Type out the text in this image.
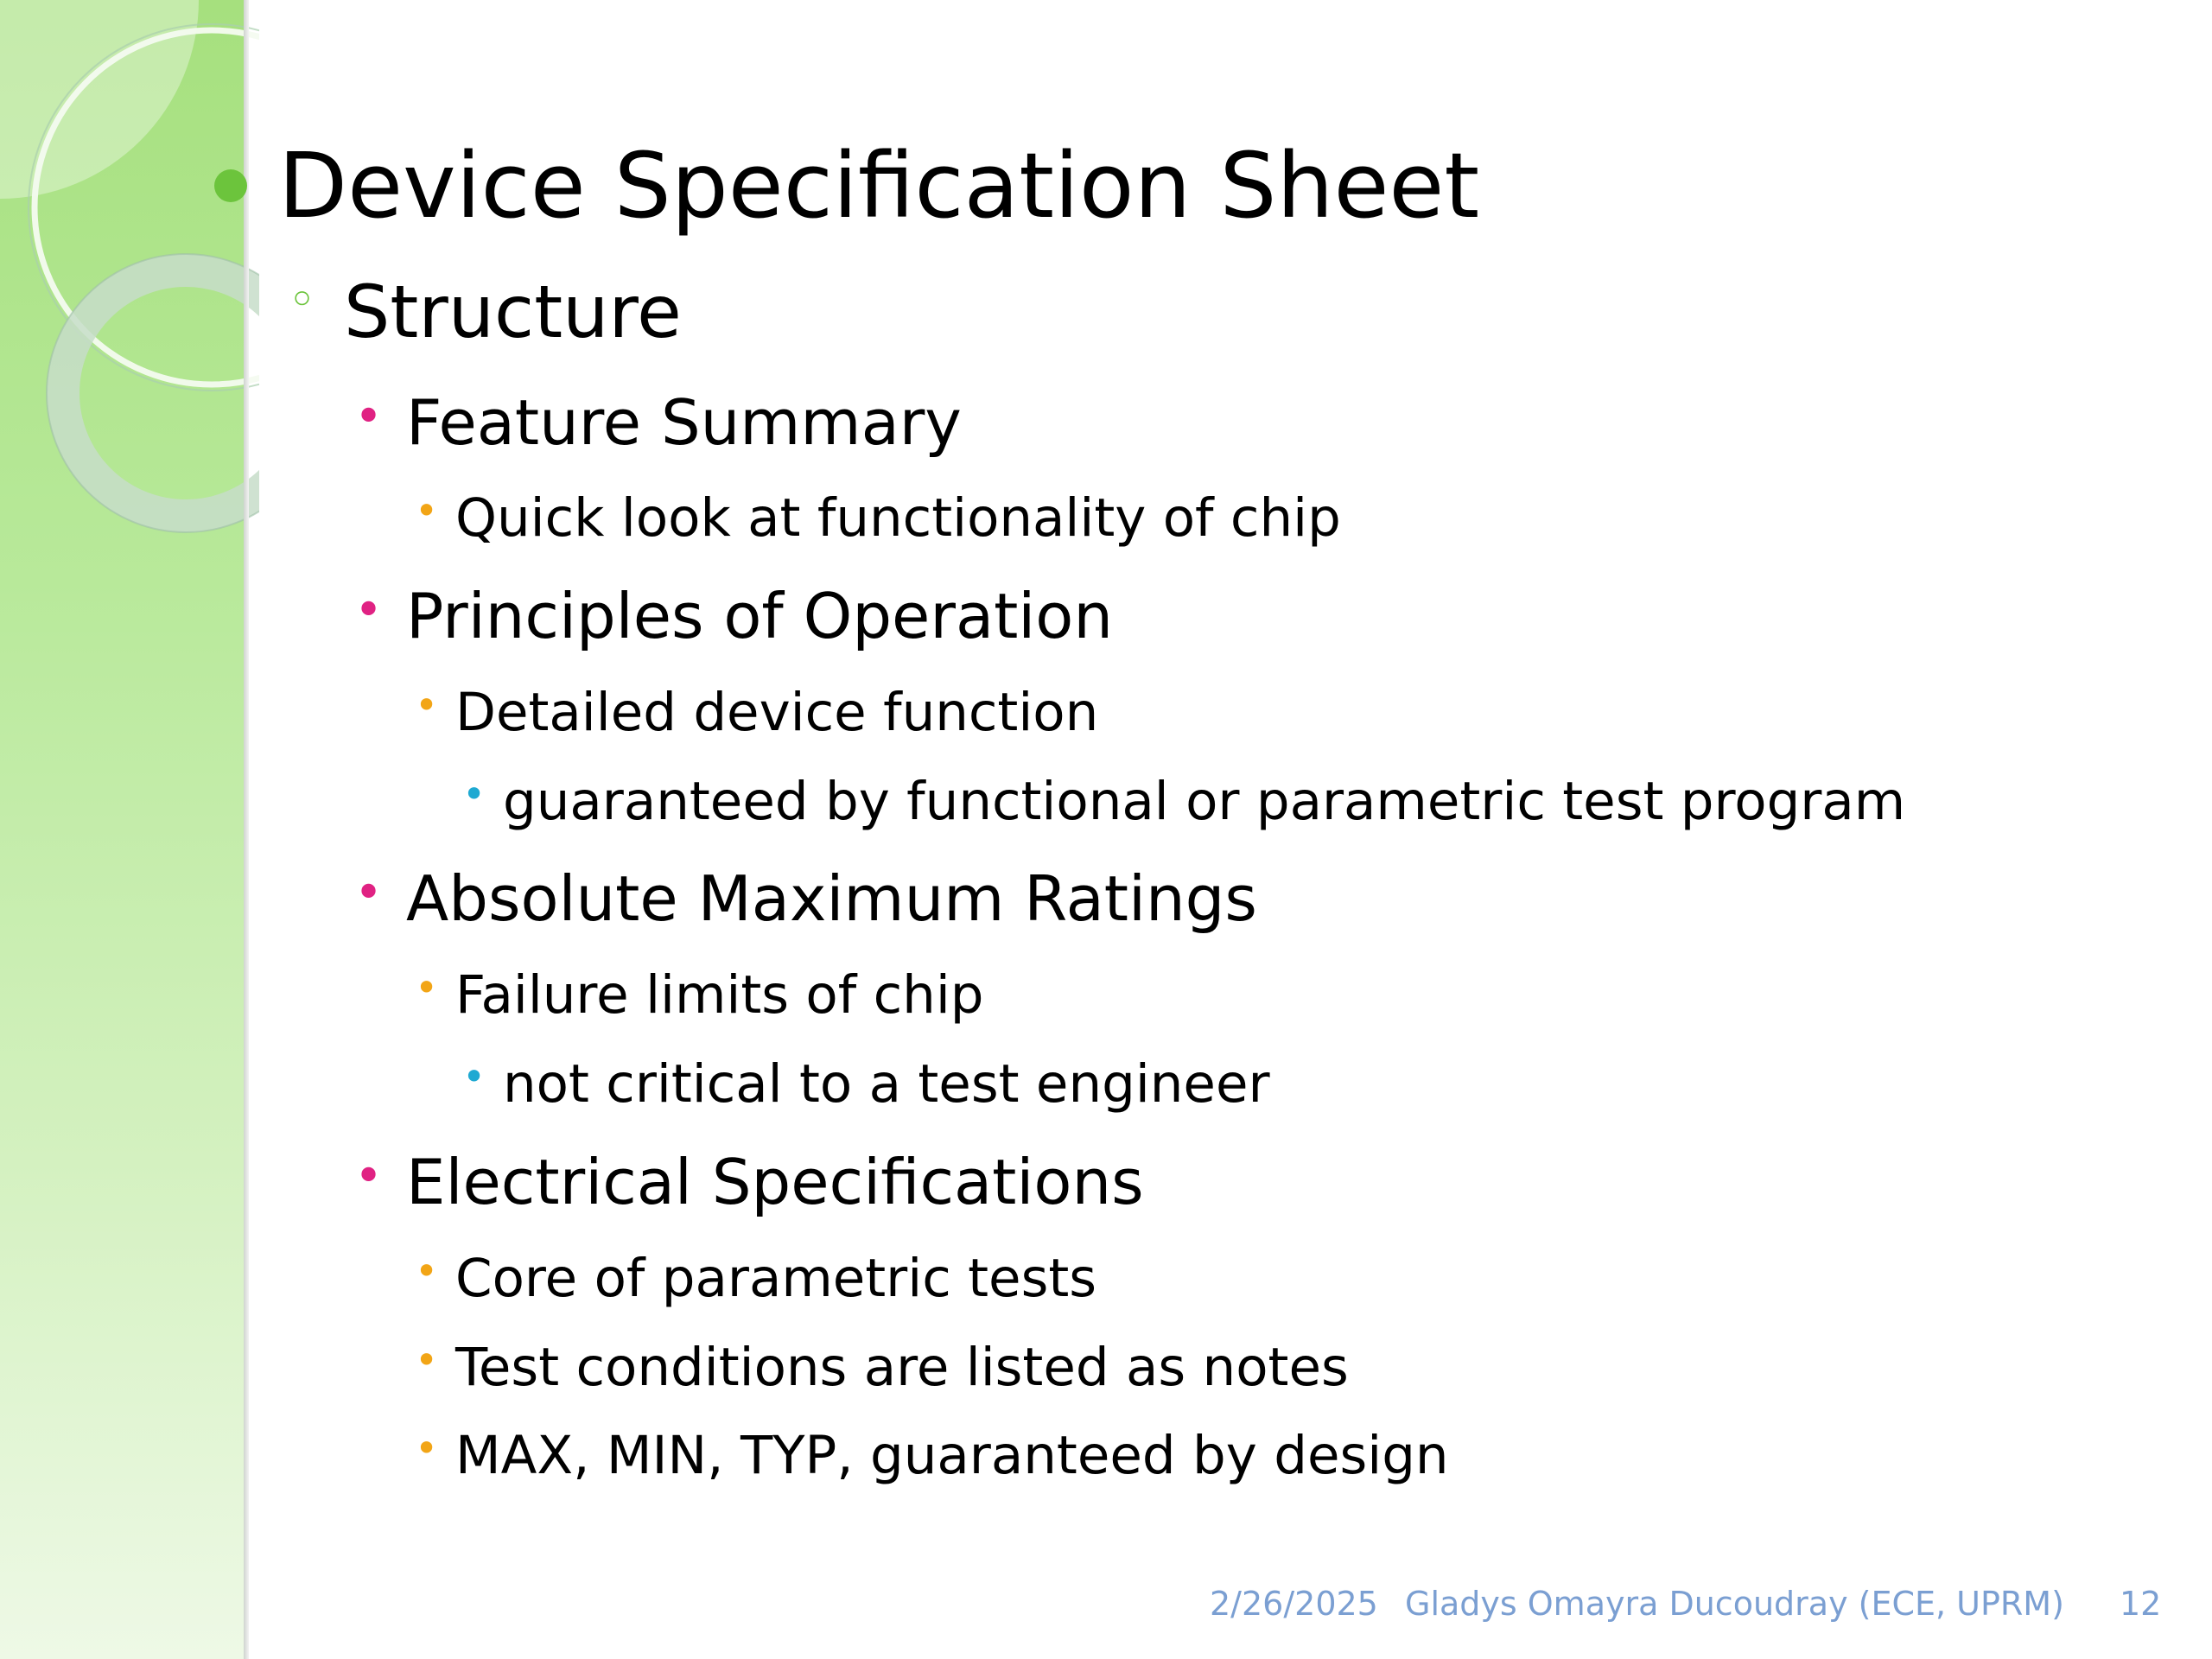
Device Specification Sheet
◦ Structure
• Feature Summary
• Quick look at functionality of chip
• Principles of Operation
• Detailed device function
• guaranteed by functional or parametric test program
• Absolute Maximum Ratings
• Failure limits of chip
• not critical to a test engineer
• Electrical Specifications
• Core of parametric tests
• Test conditions are listed as notes
• MAX, MIN, TYP, guaranteed by design
2/26/2025 Gladys Omayra Ducoudray (ECE, UPRM) 12
